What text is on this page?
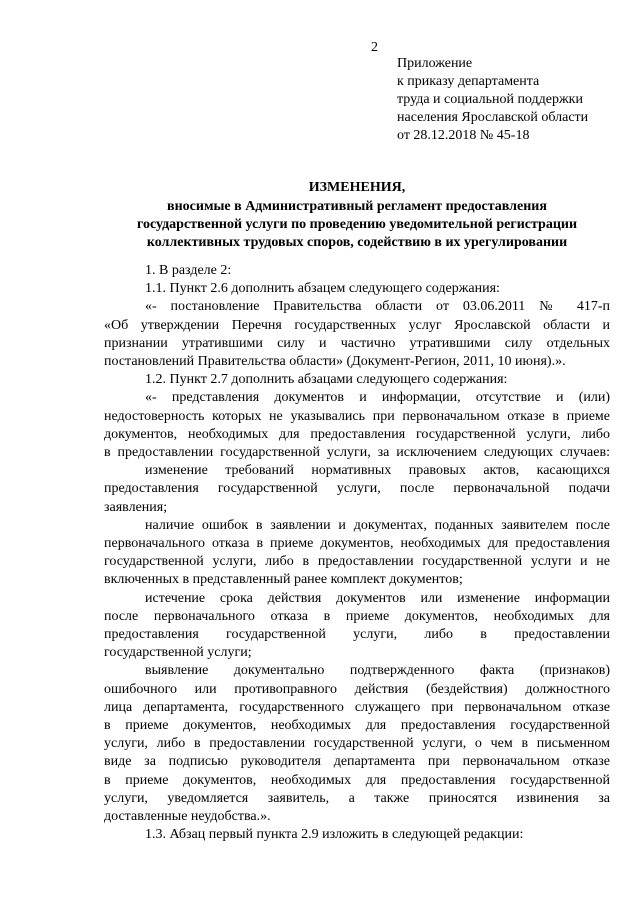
2
Приложение
к приказу департамента
труда и социальной поддержки
населения Ярославской области
от 28.12.2018 № 45-18
ИЗМЕНЕНИЯ,
вносимые в Административный регламент предоставления
государственной услуги по проведению уведомительной регистрации
коллективных трудовых споров, содействию в их урегулировании
1. В разделе 2:
1.1. Пункт 2.6 дополнить абзацем следующего содержания:
«- постановление Правительства области от 03.06.2011 № 417-п
«Об утверждении Перечня государственных услуг Ярославской области и
признании утратившими силу и частично утратившими силу отдельных
постановлений Правительства области» (Документ-Регион, 2011, 10 июня).».
1.2. Пункт 2.7 дополнить абзацами следующего содержания:
«- представления документов и информации, отсутствие и (или)
недостоверность которых не указывались при первоначальном отказе в приеме
документов, необходимых для предоставления государственной услуги, либо
в предоставлении государственной услуги, за исключением следующих случаев:
изменение требований нормативных правовых актов, касающихся
предоставления государственной услуги, после первоначальной подачи
заявления;
наличие ошибок в заявлении и документах, поданных заявителем после
первоначального отказа в приеме документов, необходимых для предоставления
государственной услуги, либо в предоставлении государственной услуги и не
включенных в представленный ранее комплект документов;
истечение срока действия документов или изменение информации
после первоначального отказа в приеме документов, необходимых для
предоставления государственной услуги, либо в предоставлении
государственной услуги;
выявление документально подтвержденного факта (признаков)
ошибочного или противоправного действия (бездействия) должностного
лица департамента, государственного служащего при первоначальном отказе
в приеме документов, необходимых для предоставления государственной
услуги, либо в предоставлении государственной услуги, о чем в письменном
виде за подписью руководителя департамента при первоначальном отказе
в приеме документов, необходимых для предоставления государственной
услуги, уведомляется заявитель, а также приносятся извинения за
доставленные неудобства.».
1.3. Абзац первый пункта 2.9 изложить в следующей редакции:
